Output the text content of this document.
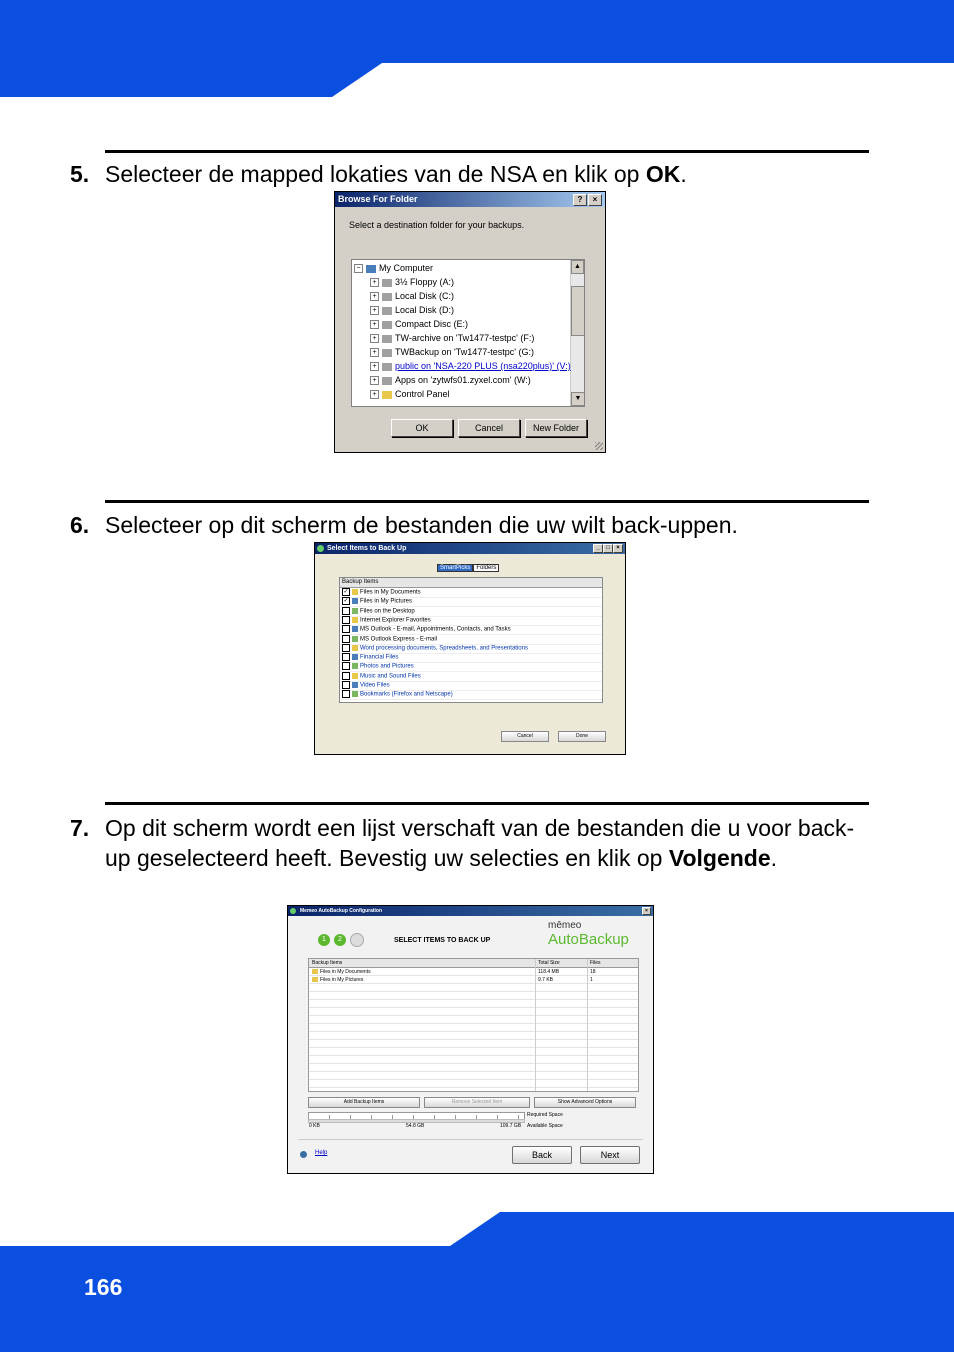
5. Selecteer de mapped lokaties van de NSA en klik op OK.
Browse For Folder	?	×
Select a destination folder for your backups.
▲
▼
− My Computer
+ 3½ Floppy (A:)
+ Local Disk (C:)
+ Local Disk (D:)
+ Compact Disc (E:)
+ TW-archive on 'Tw1477-testpc' (F:)
+ TWBackup on 'Tw1477-testpc' (G:)
+ public on 'NSA-220 PLUS (nsa220plus)' (V:)
+ Apps on 'zytwfs01.zyxel.com' (W:)
+ Control Panel
OK	Cancel	New Folder
6. Selecteer op dit scherm de bestanden die uw wilt back-uppen.
Select Items to Back Up	_	□	×
SmartPicks Folders
Backup Items
✓ Files in My Documents
✓ Files in My Pictures
Files on the Desktop
Internet Explorer Favorites
MS Outlook - E-mail, Appointments, Contacts, and Tasks
MS Outlook Express - E-mail
Word processing documents, Spreadsheets, and Presentations
Financial Files
Photos and Pictures
Music and Sound Files
Video Files
Bookmarks (Firefox and Netscape)
Cancel	Done
7. Op dit scherm wordt een lijst verschaft van de bestanden die u voor back-up geselecteerd heeft. Bevestig uw selecties en klik op Volgende.
Memeo AutoBackup Configuration	×
1 2 3	SELECT ITEMS TO BACK UP
mēmeo
AutoBackup
Backup Items	Total Size	Files
Files in My Documents	118.4 MB	18
Files in My Pictures	9.7 KB	1
Add Backup Items	Remove Selected Item	Show Advanced Options
0 KB	54.8 GB	109.7 GB
Required Space
Available Space
Help	Back	Next
166
